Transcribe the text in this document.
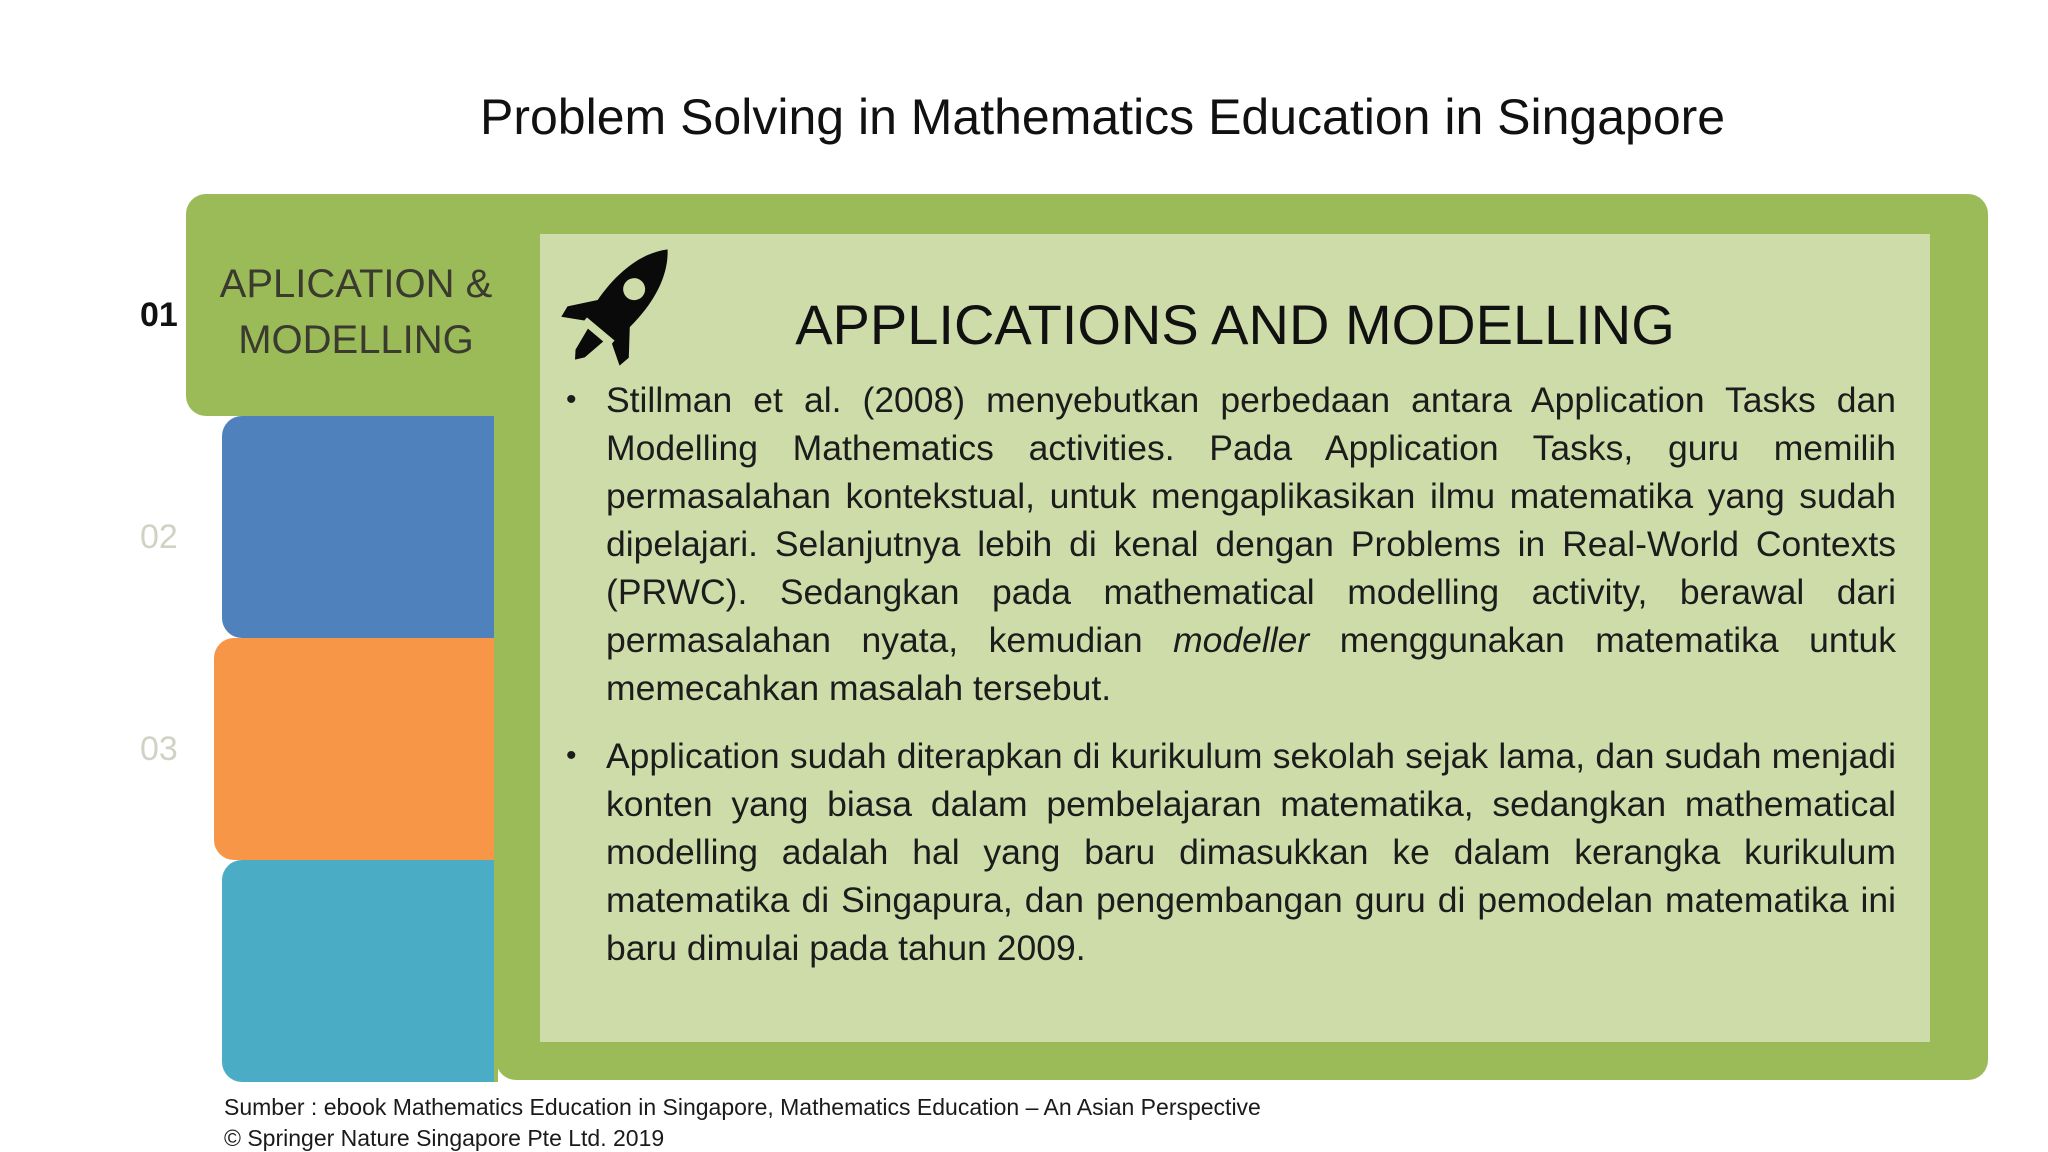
Problem Solving in Mathematics Education in Singapore
01
02
03
APLICATION &
MODELLING	APPLICATIONS AND MODELLING
• Stillman et al. (2008) menyebutkan perbedaan antara Application Tasks dan Modelling Mathematics activities. Pada Application Tasks, guru memilih permasalahan kontekstual, untuk mengaplikasikan ilmu matematika yang sudah dipelajari. Selanjutnya lebih di kenal dengan Problems in Real-World Contexts (PRWC). Sedangkan pada mathematical modelling activity, berawal dari permasalahan nyata, kemudian modeller menggunakan matematika untuk memecahkan masalah tersebut.
• Application sudah diterapkan di kurikulum sekolah sejak lama, dan sudah menjadi konten yang biasa dalam pembelajaran matematika, sedangkan mathematical modelling adalah hal yang baru dimasukkan ke dalam kerangka kurikulum matematika di Singapura, dan pengembangan guru di pemodelan matematika ini baru dimulai pada tahun 2009.
Sumber : ebook Mathematics Education in Singapore, Mathematics Education – An Asian Perspective
© Springer Nature Singapore Pte Ltd. 2019
